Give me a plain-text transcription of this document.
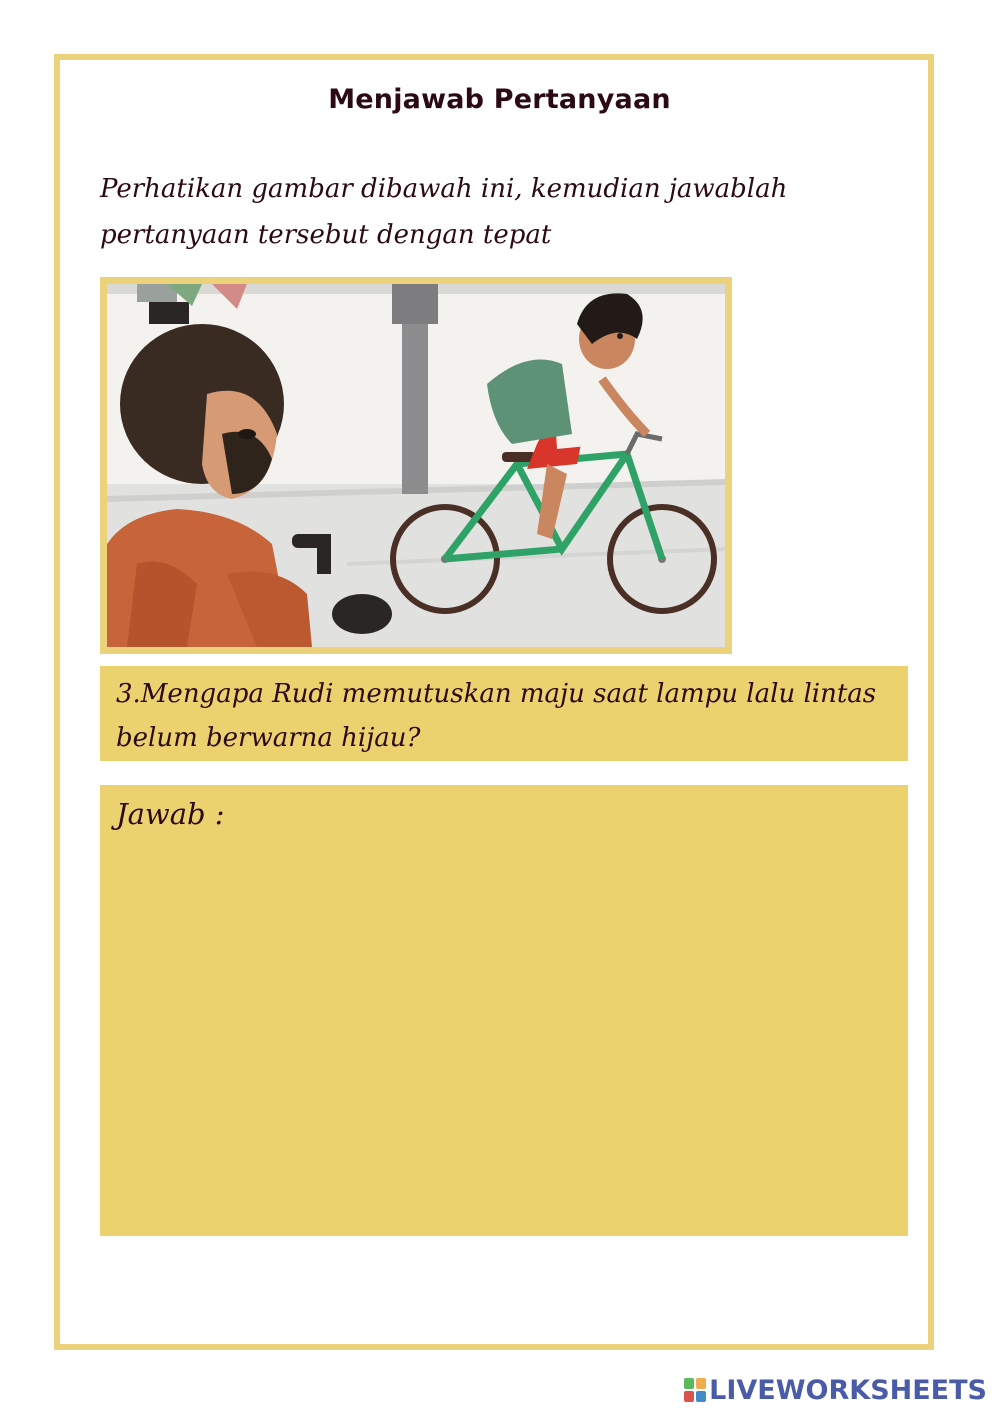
Menjawab Pertanyaan
Perhatikan gambar dibawah ini, kemudian jawablah pertanyaan tersebut dengan tepat
3.Mengapa Rudi memutuskan maju saat lampu lalu lintas belum berwarna hijau?
Jawab :
LIVEWORKSHEETS
